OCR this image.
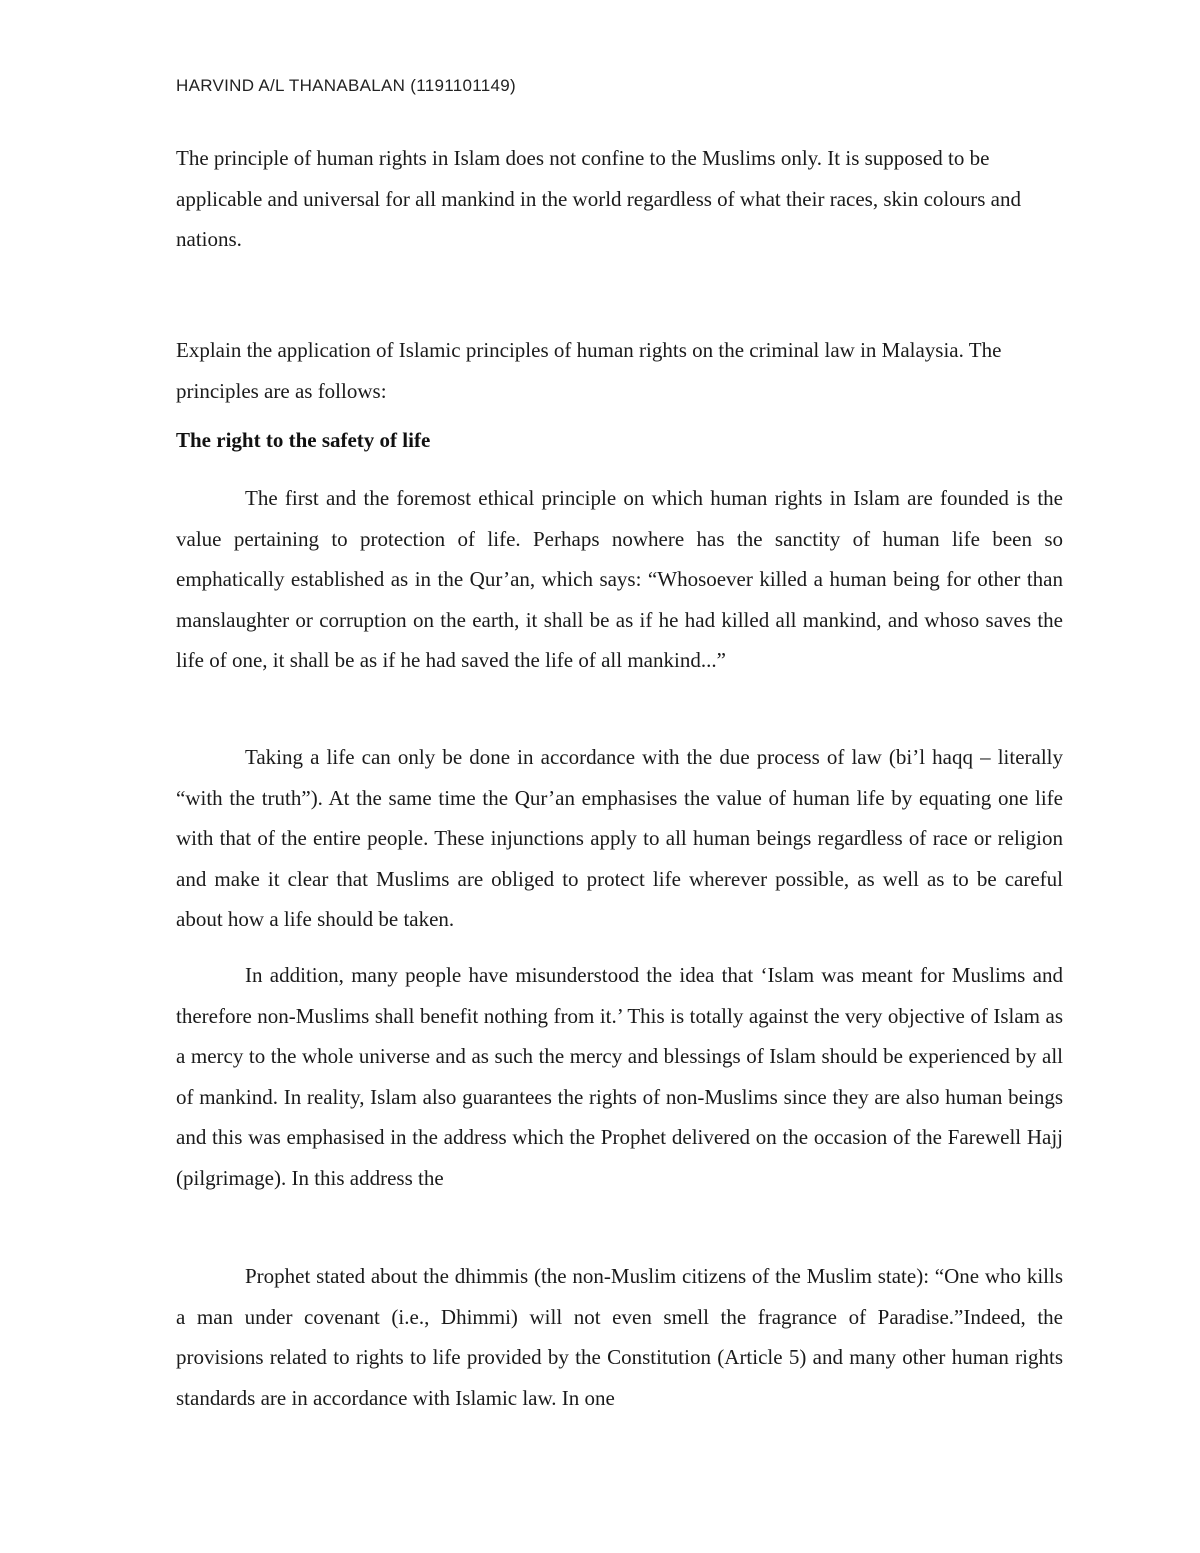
HARVIND A/L THANABALAN (1191101149)

The principle of human rights in Islam does not confine to the Muslims only. It is supposed to be applicable and universal for all mankind in the world regardless of what their races, skin colours and nations.

Explain the application of Islamic principles of human rights on the criminal law in Malaysia. The principles are as follows:

The right to the safety of life

The first and the foremost ethical principle on which human rights in Islam are founded is the value pertaining to protection of life. Perhaps nowhere has the sanctity of human life been so emphatically established as in the Qur’an, which says: “Whosoever killed a human being for other than manslaughter or corruption on the earth, it shall be as if he had killed all mankind, and whoso saves the life of one, it shall be as if he had saved the life of all mankind...”

Taking a life can only be done in accordance with the due process of law (bi’l haqq – literally “with the truth”). At the same time the Qur’an emphasises the value of human life by equating one life with that of the entire people. These injunctions apply to all human beings regardless of race or religion and make it clear that Muslims are obliged to protect life wherever possible, as well as to be careful about how a life should be taken.

In addition, many people have misunderstood the idea that ‘Islam was meant for Muslims and therefore non-Muslims shall benefit nothing from it.’ This is totally against the very objective of Islam as a mercy to the whole universe and as such the mercy and blessings of Islam should be experienced by all of mankind. In reality, Islam also guarantees the rights of non-Muslims since they are also human beings and this was emphasised in the address which the Prophet delivered on the occasion of the Farewell Hajj (pilgrimage). In this address the

Prophet stated about the dhimmis (the non-Muslim citizens of the Muslim state): “One who kills a man under covenant (i.e., Dhimmi) will not even smell the fragrance of Paradise.”Indeed, the provisions related to rights to life provided by the Constitution (Article 5) and many other human rights standards are in accordance with Islamic law. In one
